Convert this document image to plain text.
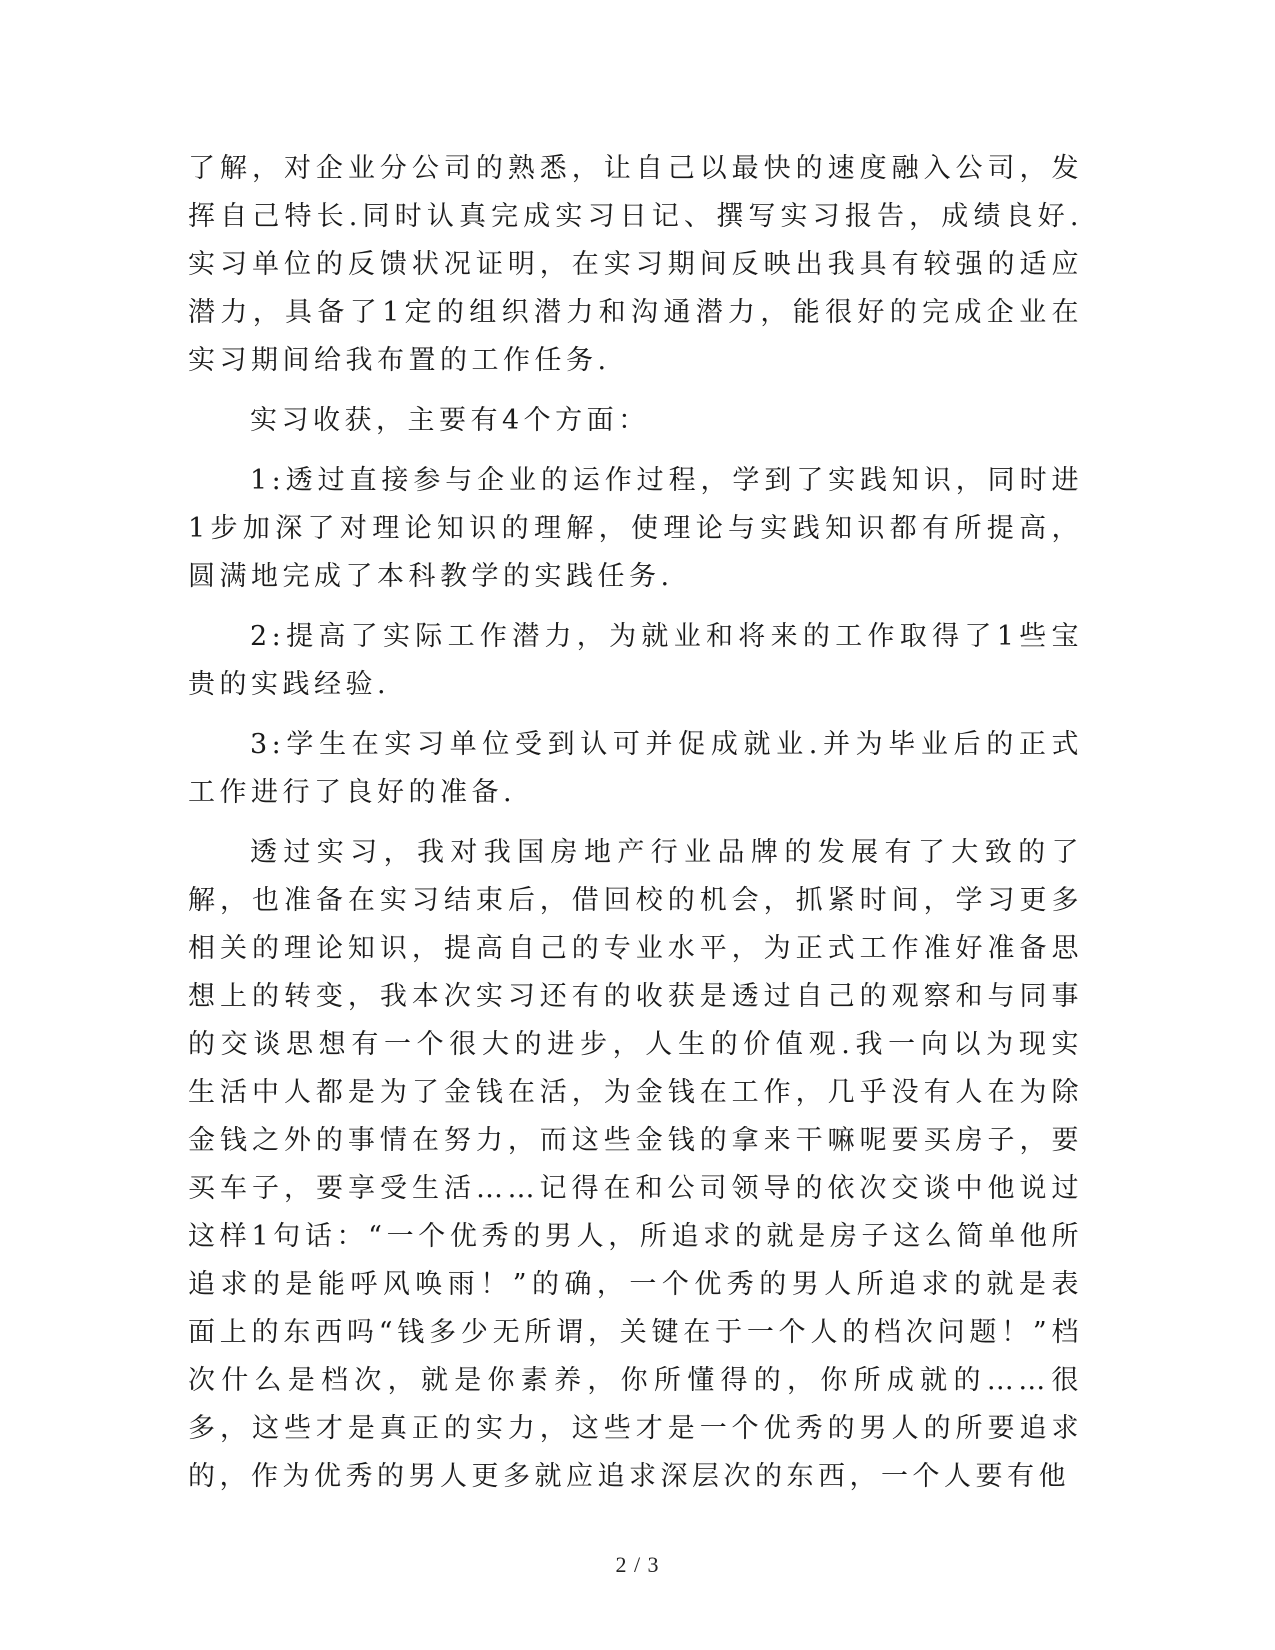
了解，对企业分公司的熟悉，让自己以最快的速度融入公司，发挥自己特长.同时认真完成实习日记、撰写实习报告，成绩良好.实习单位的反馈状况证明，在实习期间反映出我具有较强的适应潜力，具备了1定的组织潜力和沟通潜力，能很好的完成企业在实习期间给我布置的工作任务.

实习收获，主要有4个方面：

1:透过直接参与企业的运作过程，学到了实践知识，同时进1步加深了对理论知识的理解，使理论与实践知识都有所提高，圆满地完成了本科教学的实践任务.

2:提高了实际工作潜力，为就业和将来的工作取得了1些宝贵的实践经验.

3:学生在实习单位受到认可并促成就业.并为毕业后的正式工作进行了良好的准备.

透过实习，我对我国房地产行业品牌的发展有了大致的了解，也准备在实习结束后，借回校的机会，抓紧时间，学习更多相关的理论知识，提高自己的专业水平，为正式工作准好准备思想上的转变，我本次实习还有的收获是透过自己的观察和与同事的交谈思想有一个很大的进步，人生的价值观.我一向以为现实生活中人都是为了金钱在活，为金钱在工作，几乎没有人在为除金钱之外的事情在努力，而这些金钱的拿来干嘛呢要买房子，要买车子，要享受生活……记得在和公司领导的依次交谈中他说过这样1句话：“一个优秀的男人，所追求的就是房子这么简单他所追求的是能呼风唤雨！”的确，一个优秀的男人所追求的就是表面上的东西吗“钱多少无所谓，关键在于一个人的档次问题！”档次什么是档次，就是你素养，你所懂得的，你所成就的……很多，这些才是真正的实力，这些才是一个优秀的男人的所要追求的，作为优秀的男人更多就应追求深层次的东西，一个人要有他

2 / 3
